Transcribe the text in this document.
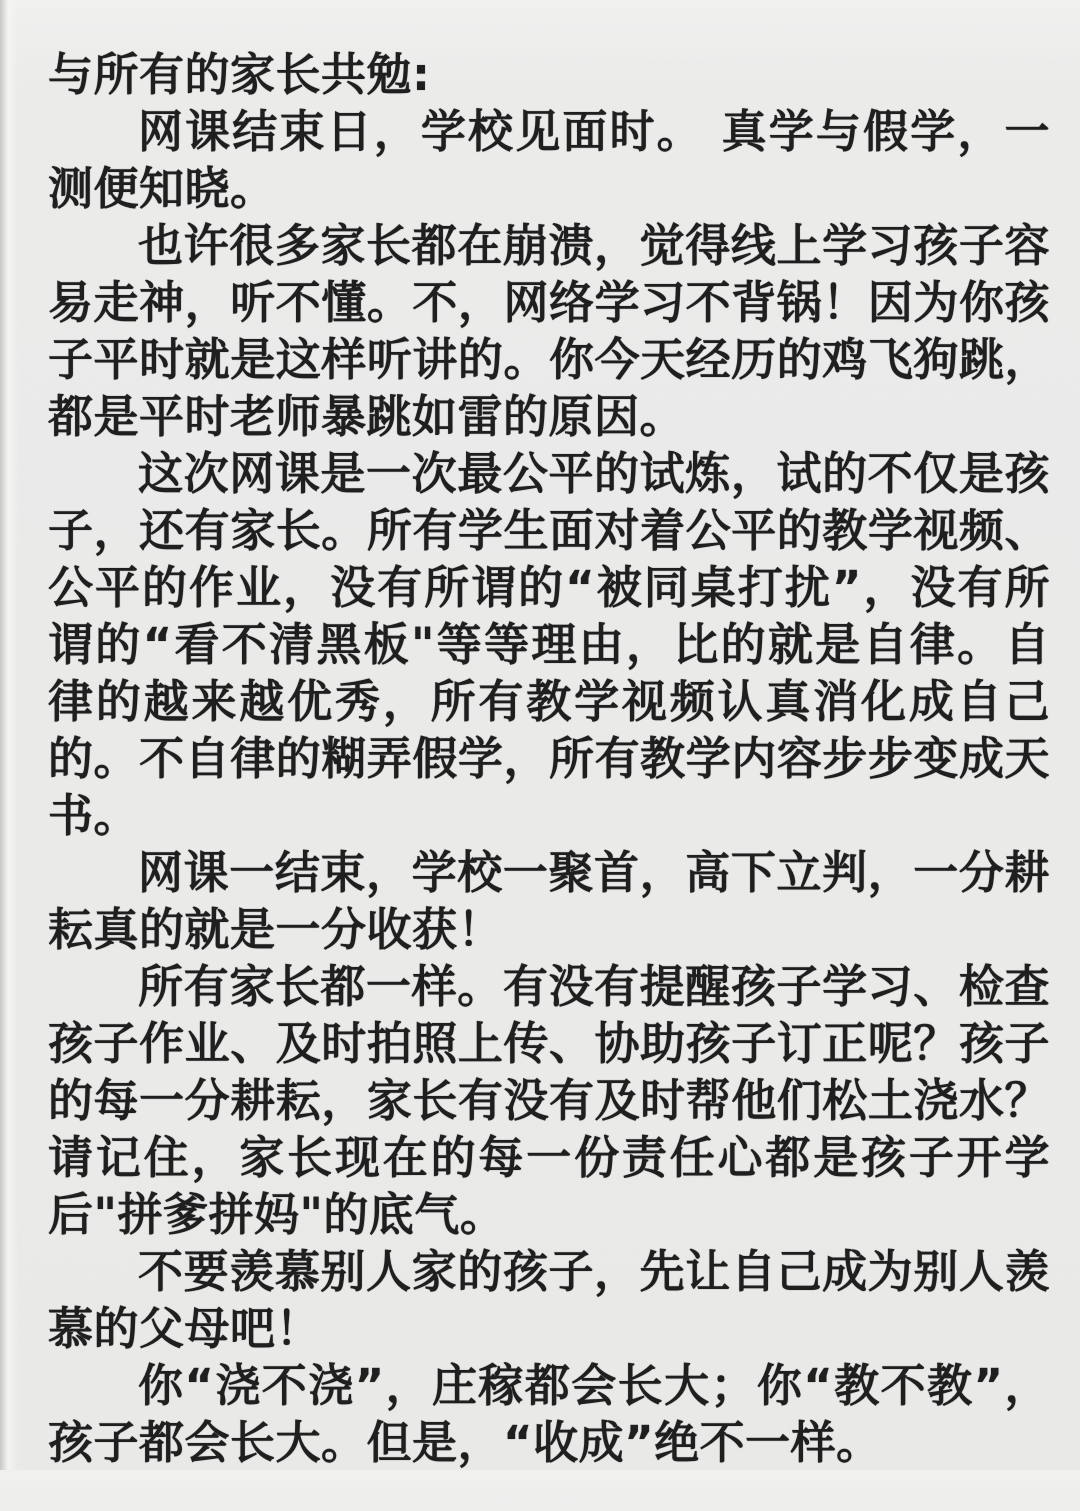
与所有的家长共勉:

网课结束日，学校见面时。 真学与假学，一测便知晓。

也许很多家长都在崩溃，觉得线上学习孩子容易走神，听不懂。不，网络学习不背锅！因为你孩子平时就是这样听讲的。你今天经历的鸡飞狗跳，都是平时老师暴跳如雷的原因。

这次网课是一次最公平的试炼，试的不仅是孩子，还有家长。所有学生面对着公平的教学视频、公平的作业，没有所谓的“被同桌打扰”，没有所谓的“看不清黑板"等等理由，比的就是自律。自律的越来越优秀，所有教学视频认真消化成自己的。不自律的糊弄假学，所有教学内容步步变成天书。

网课一结束，学校一聚首，高下立判，一分耕耘真的就是一分收获！

所有家长都一样。有没有提醒孩子学习、检查孩子作业、及时拍照上传、协助孩子订正呢？孩子的每一分耕耘，家长有没有及时帮他们松土浇水？请记住，家长现在的每一份责任心都是孩子开学后"拼爹拼妈"的底气。

不要羡慕别人家的孩子，先让自己成为别人羡慕的父母吧！

你“浇不浇”，庄稼都会长大；你“教不教”，孩子都会长大。但是，“收成”绝不一样。
